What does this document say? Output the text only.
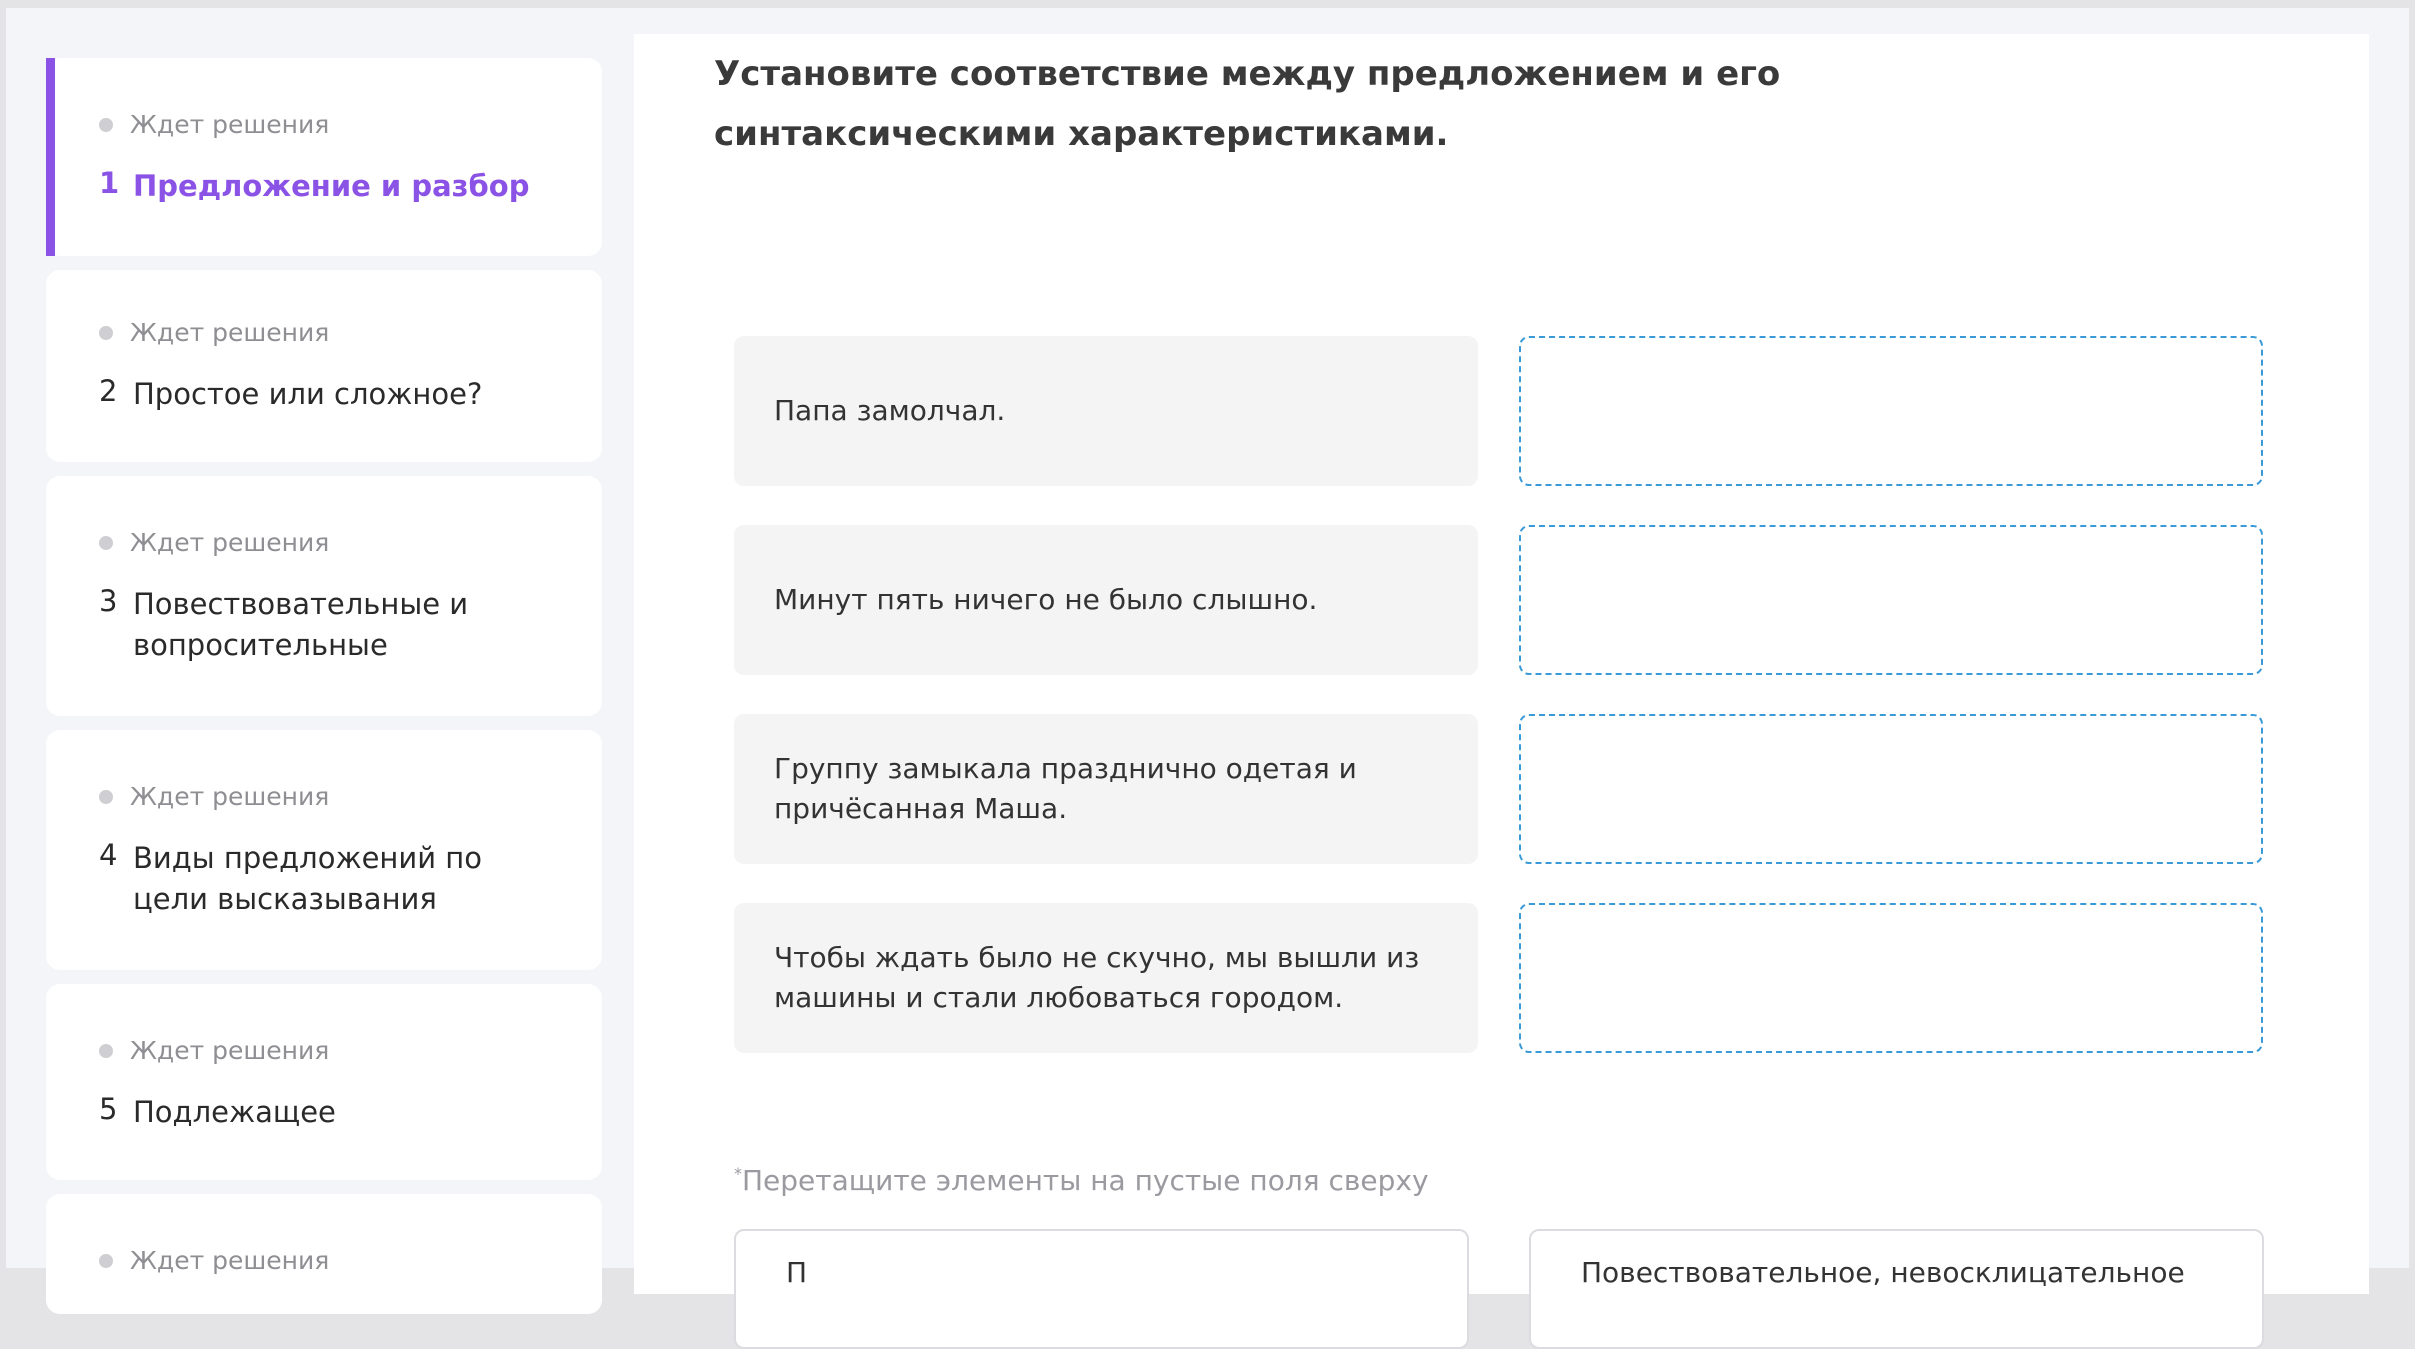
Ждет решения
1 Предложение и разбор
Ждет решения
2 Простое или сложное?
Ждет решения
3 Повествовательные и вопросительные
Ждет решения
4 Виды предложений по цели высказывания
Ждет решения
5 Подлежащее
Ждет решения
Установите соответствие между предложением и его синтаксическими характеристиками.
Папа замолчал.
Минут пять ничего не было слышно.
Группу замыкала празднично одетая и причёсанная Маша.
Чтобы ждать было не скучно, мы вышли из машины и стали любоваться городом.
*Перетащите элементы на пустые поля сверху
П	Повествовательное, невосклицательное
